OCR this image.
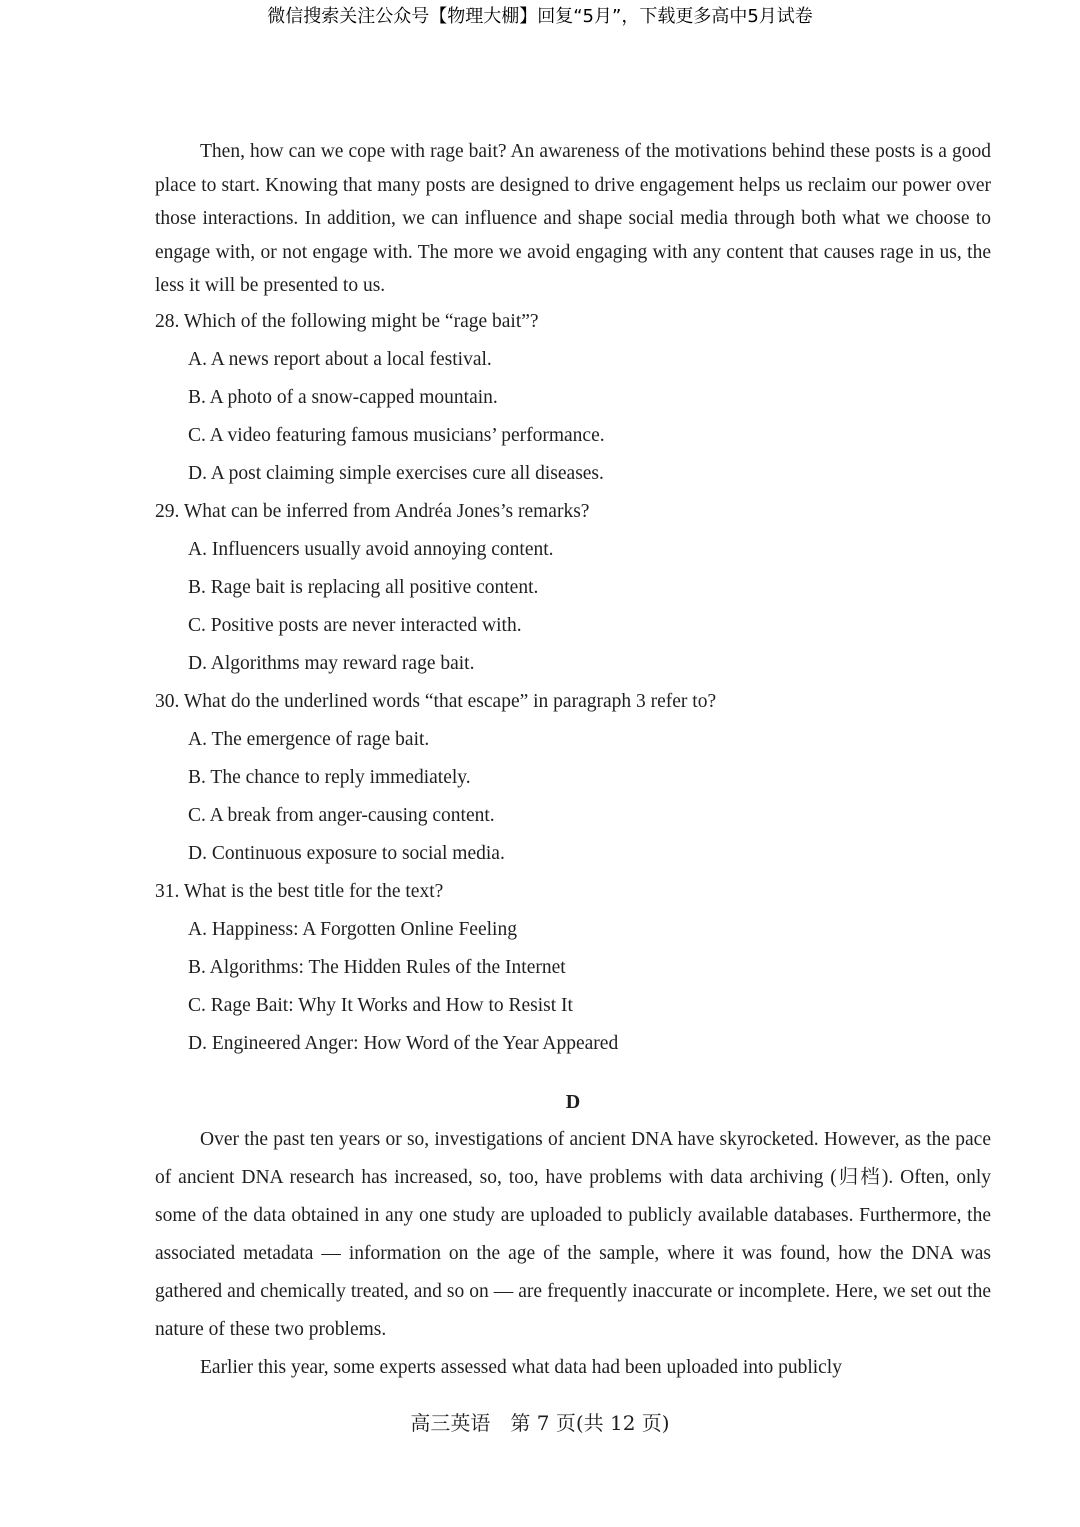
微信搜索关注公众号【物理大棚】回复“5月”，下载更多高中5月试卷

Then, how can we cope with rage bait? An awareness of the motivations behind these posts is a good place to start. Knowing that many posts are designed to drive engagement helps us reclaim our power over those interactions. In addition, we can influence and shape social media through both what we choose to engage with, or not engage with. The more we avoid engaging with any content that causes rage in us, the less it will be presented to us.

28. Which of the following might be “rage bait”?

A. A news report about a local festival.

B. A photo of a snow-capped mountain.

C. A video featuring famous musicians’ performance.

D. A post claiming simple exercises cure all diseases.

29. What can be inferred from Andréa Jones’s remarks?

A. Influencers usually avoid annoying content.

B. Rage bait is replacing all positive content.

C. Positive posts are never interacted with.

D. Algorithms may reward rage bait.

30. What do the underlined words “that escape” in paragraph 3 refer to?

A. The emergence of rage bait.

B. The chance to reply immediately.

C. A break from anger-causing content.

D. Continuous exposure to social media.

31. What is the best title for the text?

A. Happiness: A Forgotten Online Feeling

B. Algorithms: The Hidden Rules of the Internet

C. Rage Bait: Why It Works and How to Resist It

D. Engineered Anger: How Word of the Year Appeared

D

Over the past ten years or so, investigations of ancient DNA have skyrocketed. However, as the pace of ancient DNA research has increased, so, too, have problems with data archiving (归档). Often, only some of the data obtained in any one study are uploaded to publicly available databases. Furthermore, the associated metadata — information on the age of the sample, where it was found, how the DNA was gathered and chemically treated, and so on — are frequently inaccurate or incomplete. Here, we set out the nature of these two problems.

Earlier this year, some experts assessed what data had been uploaded into publicly

高三英语　第 7 页(共 12 页)
